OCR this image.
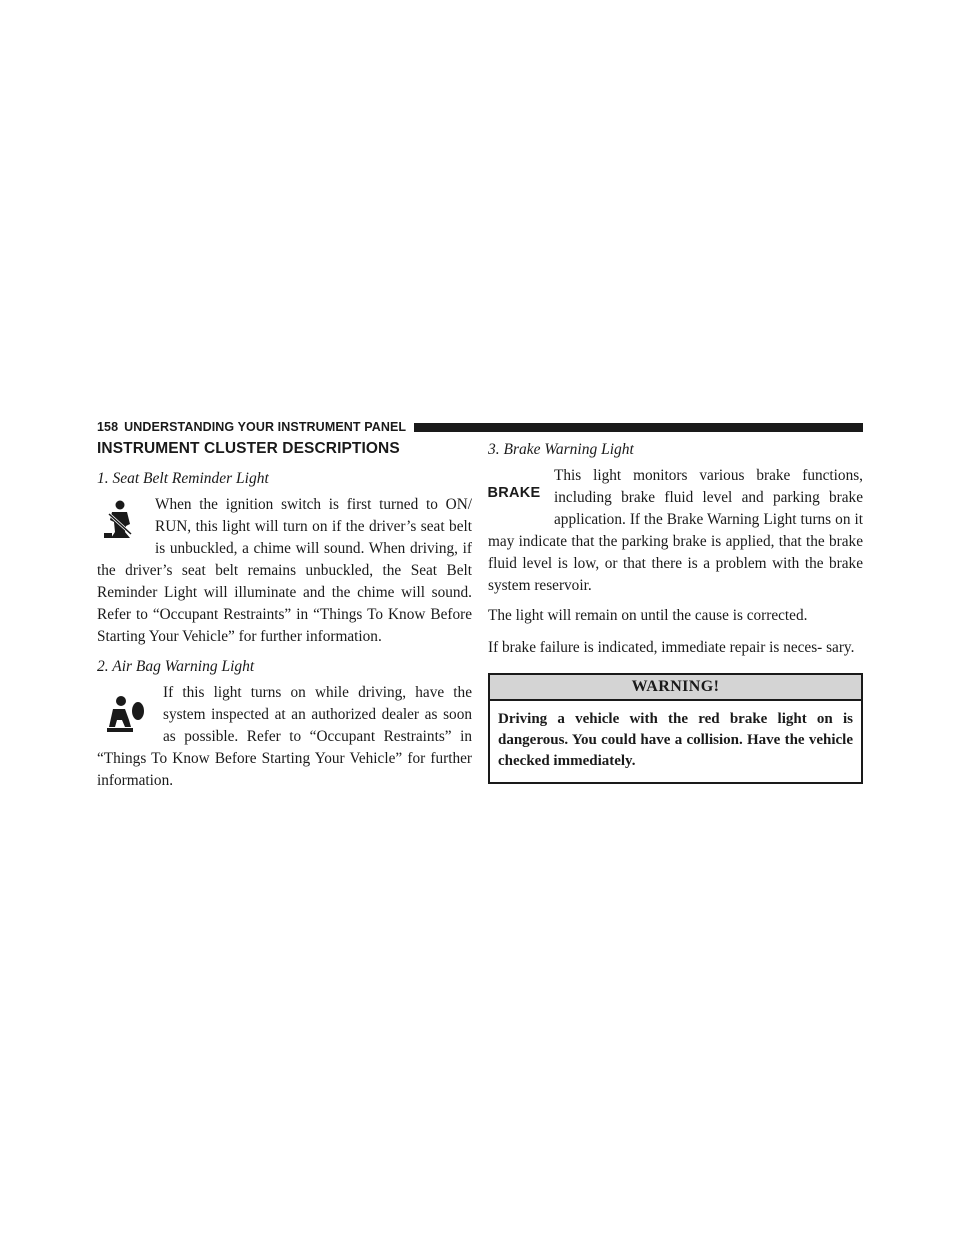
158 UNDERSTANDING YOUR INSTRUMENT PANEL
INSTRUMENT CLUSTER DESCRIPTIONS
1. Seat Belt Reminder Light

When the ignition switch is first turned to ON/ RUN, this light will turn on if the driver’s seat belt is unbuckled, a chime will sound. When driving, if the driver’s seat belt remains unbuckled, the Seat Belt Reminder Light will illuminate and the chime will sound. Refer to “Occupant Restraints” in “Things To Know Before Starting Your Vehicle” for further information.

2. Air Bag Warning Light

If this light turns on while driving, have the system inspected at an authorized dealer as soon as possible. Refer to “Occupant Restraints” in “Things To Know Before Starting Your Vehicle” for further information.

3. Brake Warning Light
BRAKE

This light monitors various brake functions, including brake fluid level and parking brake application. If the Brake Warning Light turns on it may indicate that the parking brake is applied, that the brake fluid level is low, or that there is a problem with the brake system reservoir.

The light will remain on until the cause is corrected.

If brake failure is indicated, immediate repair is neces- sary.

WARNING!
Driving a vehicle with the red brake light on is dangerous. You could have a collision. Have the vehicle checked immediately.
